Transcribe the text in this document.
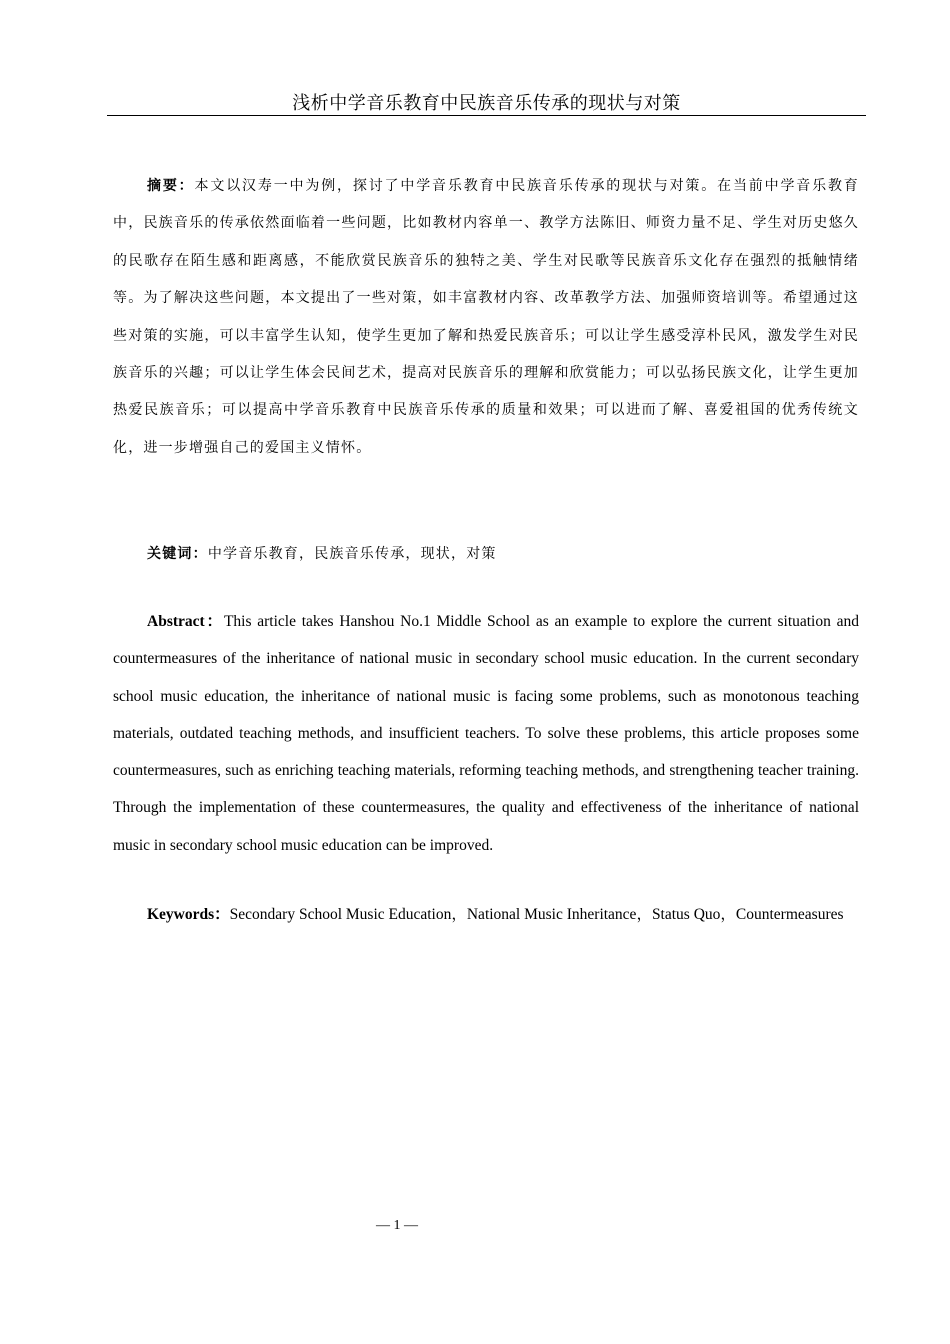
浅析中学音乐教育中民族音乐传承的现状与对策

摘要：本文以汉寿一中为例，探讨了中学音乐教育中民族音乐传承的现状与对策。在当前中学音乐教育中，民族音乐的传承依然面临着一些问题，比如教材内容单一、教学方法陈旧、师资力量不足、学生对历史悠久的民歌存在陌生感和距离感，不能欣赏民族音乐的独特之美、学生对民歌等民族音乐文化存在强烈的抵触情绪等。为了解决这些问题，本文提出了一些对策，如丰富教材内容、改革教学方法、加强师资培训等。希望通过这些对策的实施，可以丰富学生认知，使学生更加了解和热爱民族音乐；可以让学生感受淳朴民风，激发学生对民族音乐的兴趣；可以让学生体会民间艺术，提高对民族音乐的理解和欣赏能力；可以弘扬民族文化，让学生更加热爱民族音乐；可以提高中学音乐教育中民族音乐传承的质量和效果；可以进而了解、喜爱祖国的优秀传统文化，进一步增强自己的爱国主义情怀。

关键词：中学音乐教育，民族音乐传承，现状，对策

Abstract：This article takes Hanshou No.1 Middle School as an example to explore the current situation and countermeasures of the inheritance of national music in secondary school music education. In the current secondary school music education, the inheritance of national music is facing some problems, such as monotonous teaching materials, outdated teaching methods, and insufficient teachers. To solve these problems, this article proposes some countermeasures, such as enriching teaching materials, reforming teaching methods, and strengthening teacher training. Through the implementation of these countermeasures, the quality and effectiveness of the inheritance of national music in secondary school music education can be improved.

Keywords：Secondary School Music Education，National Music Inheritance，Status Quo，Countermeasures

— 1 —
